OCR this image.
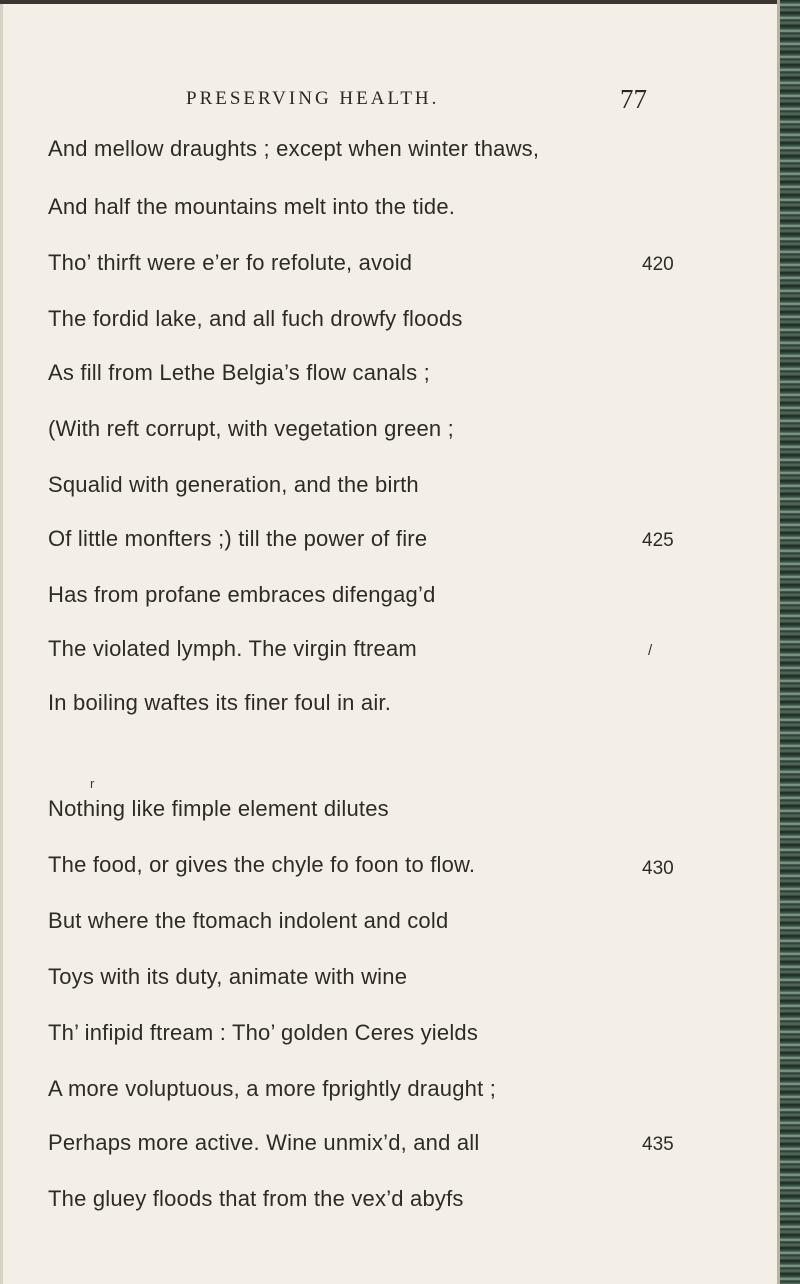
PRESERVING HEALTH.	77
And mellow draughts ; except when winter thaws,
And half the mountains melt into the tide.
Tho’ thirft were e’er fo refolute, avoid	420
The fordid lake, and all fuch drowfy floods
As fill from Lethe Belgia’s flow canals ;
(With reft corrupt, with vegetation green ;
Squalid with generation, and the birth
Of little monfters ;) till the power of fire	425
Has from profane embraces difengag’d
The violated lymph. The virgin ftream	/
In boiling waftes its finer foul in air.
r
Nothing like fimple element dilutes
The food, or gives the chyle fo foon to flow.	430
But where the ftomach indolent and cold
Toys with its duty, animate with wine
Th’ infipid ftream : Tho’ golden Ceres yields
A more voluptuous, a more fprightly draught ;
Perhaps more active. Wine unmix’d, and all	435
The gluey floods that from the vex’d abyfs
